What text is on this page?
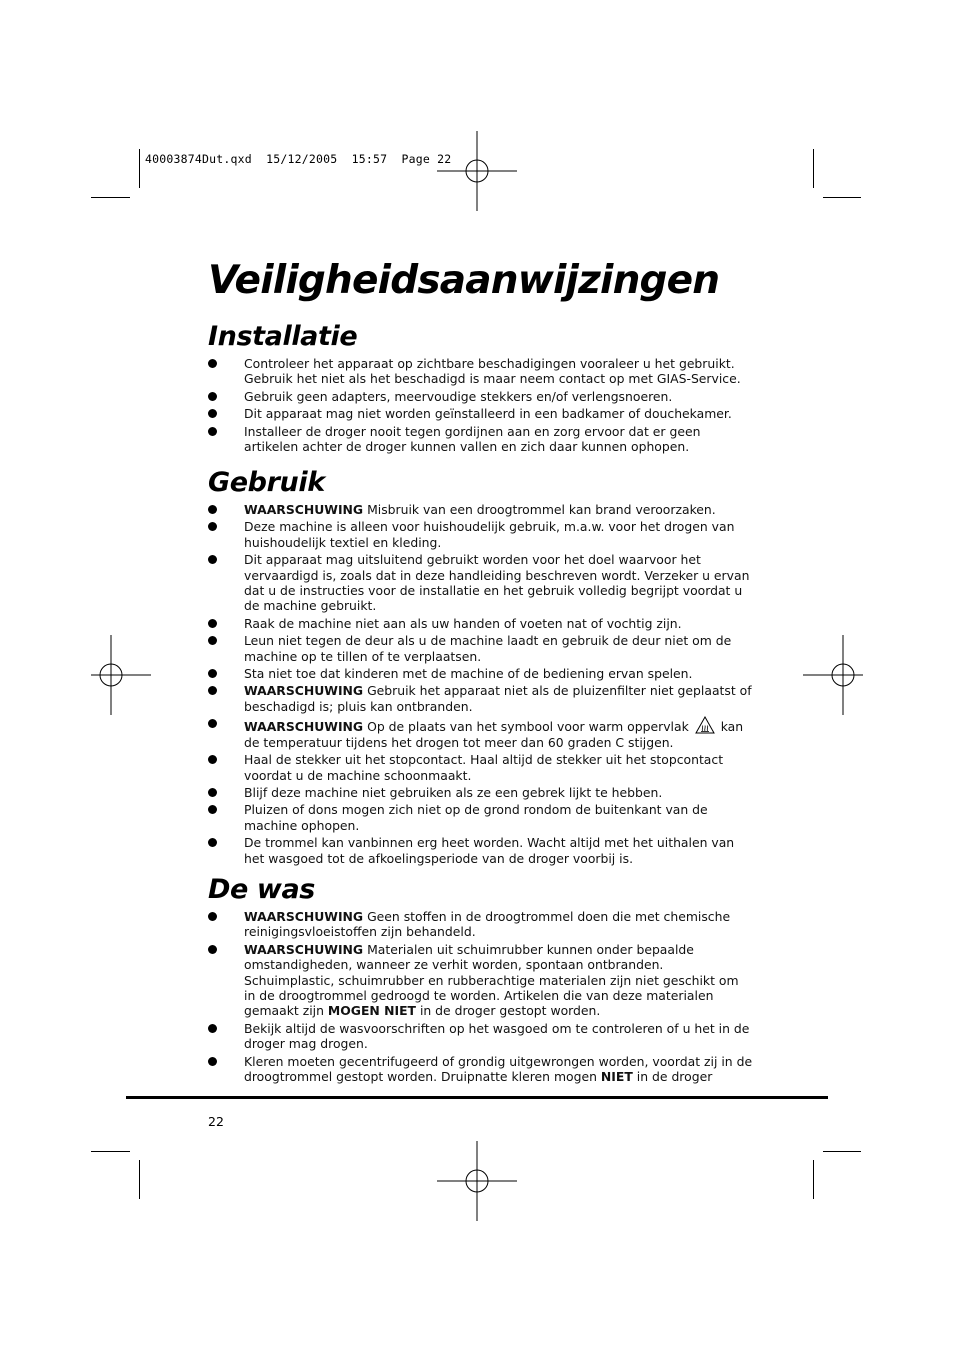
40003874Dut.qxd  15/12/2005  15:57  Page 22
Veiligheidsaanwijzingen
Installatie
Controleer het apparaat op zichtbare beschadigingen vooraleer u het gebruikt. Gebruik het niet als het beschadigd is maar neem contact op met GIAS-Service.
Gebruik geen adapters, meervoudige stekkers en/of verlengsnoeren.
Dit apparaat mag niet worden geïnstalleerd in een badkamer of douchekamer.
Installeer de droger nooit tegen gordijnen aan en zorg ervoor dat er geen artikelen achter de droger kunnen vallen en zich daar kunnen ophopen.
Gebruik
WAARSCHUWING Misbruik van een droogtrommel kan brand veroorzaken.
Deze machine is alleen voor huishoudelijk gebruik, m.a.w. voor het drogen van huishoudelijk textiel en kleding.
Dit apparaat mag uitsluitend gebruikt worden voor het doel waarvoor het vervaardigd is, zoals dat in deze handleiding beschreven wordt. Verzeker u ervan dat u de instructies voor de installatie en het gebruik volledig begrijpt voordat u de machine gebruikt.
Raak de machine niet aan als uw handen of voeten nat of vochtig zijn.
Leun niet tegen de deur als u de machine laadt en gebruik de deur niet om de machine op te tillen of te verplaatsen.
Sta niet toe dat kinderen met de machine of de bediening ervan spelen.
WAARSCHUWING Gebruik het apparaat niet als de pluizenfilter niet geplaatst of beschadigd is; pluis kan ontbranden.
WAARSCHUWING Op de plaats van het symbool voor warm oppervlak	kan de temperatuur tijdens het drogen tot meer dan 60 graden C stijgen.
Haal de stekker uit het stopcontact. Haal altijd de stekker uit het stopcontact voordat u de machine schoonmaakt.
Blijf deze machine niet gebruiken als ze een gebrek lijkt te hebben.
Pluizen of dons mogen zich niet op de grond rondom de buitenkant van de machine ophopen.
De trommel kan vanbinnen erg heet worden. Wacht altijd met het uithalen van het wasgoed tot de afkoelingsperiode van de droger voorbij is.
De was
WAARSCHUWING Geen stoffen in de droogtrommel doen die met chemische reinigingsvloeistoffen zijn behandeld.
WAARSCHUWING Materialen uit schuimrubber kunnen onder bepaalde omstandigheden, wanneer ze verhit worden, spontaan ontbranden. Schuimplastic, schuimrubber en rubberachtige materialen zijn niet geschikt om in de droogtrommel gedroogd te worden. Artikelen die van deze materialen gemaakt zijn MOGEN NIET in de droger gestopt worden.
Bekijk altijd de wasvoorschriften op het wasgoed om te controleren of u het in de droger mag drogen.
Kleren moeten gecentrifugeerd of grondig uitgewrongen worden, voordat zij in de droogtrommel gestopt worden. Druipnatte kleren mogen NIET in de droger
22
